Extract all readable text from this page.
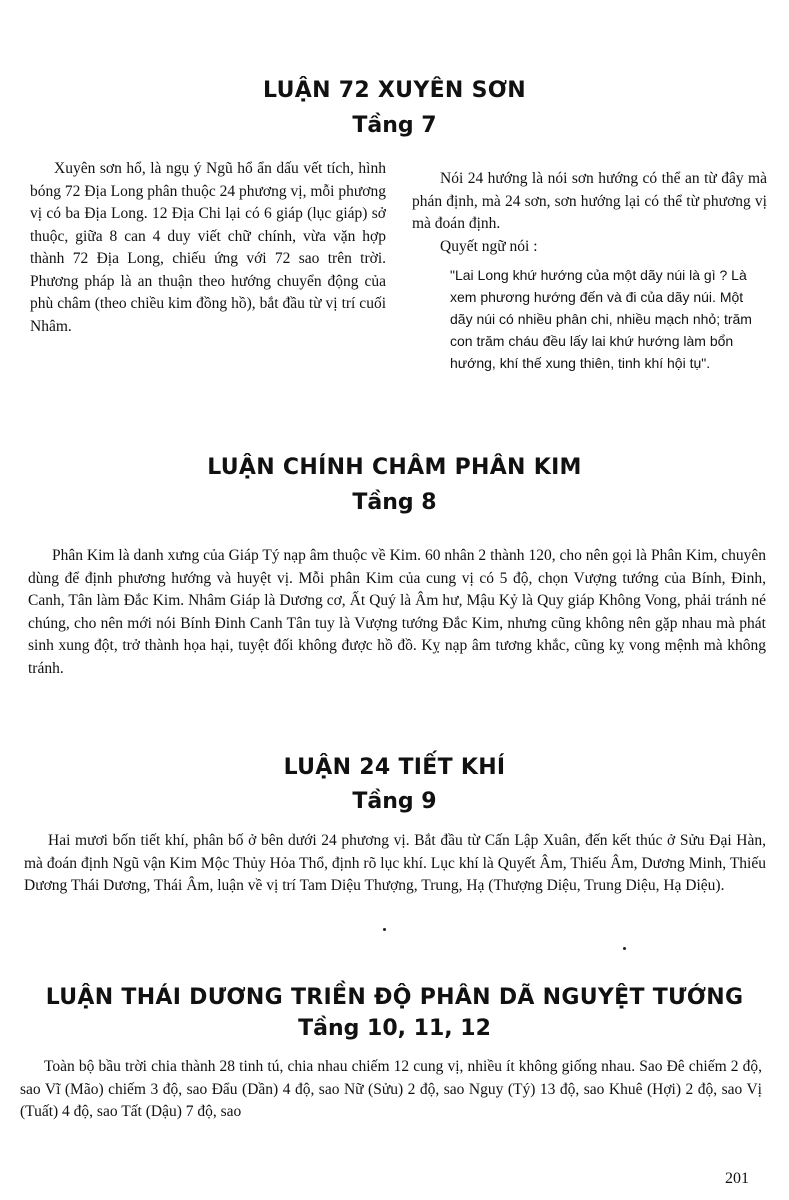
LUẬN 72 XUYÊN SƠN
Tầng 7

Xuyên sơn hổ, là ngụ ý Ngũ hổ ẩn dấu vết tích, hình bóng 72 Địa Long phân thuộc 24 phương vị, mỗi phương vị có ba Địa Long. 12 Địa Chi lại có 6 giáp (lục giáp) sở thuộc, giữa 8 can 4 duy viết chữ chính, vừa vặn hợp thành 72 Địa Long, chiếu ứng với 72 sao trên trời. Phương pháp là an thuận theo hướng chuyển động của phù châm (theo chiều kim đồng hồ), bắt đầu từ vị trí cuối Nhâm.

Nói 24 hướng là nói sơn hướng có thể an từ đây mà phán định, mà 24 sơn, sơn hướng lại có thể từ phương vị mà đoán định.

Quyết ngữ nói :

"Lai Long khứ hướng của một dãy núi là gì ? Là xem phương hướng đến và đi của dãy núi. Một dãy núi có nhiều phân chi, nhiều mạch nhỏ; trăm con trăm cháu đều lấy lai khứ hướng làm bổn hướng, khí thế xung thiên, tinh khí hội tụ".

LUẬN CHÍNH CHÂM PHÂN KIM
Tầng 8

Phân Kim là danh xưng của Giáp Tý nạp âm thuộc về Kim. 60 nhân 2 thành 120, cho nên gọi là Phân Kim, chuyên dùng để định phương hướng và huyệt vị. Mỗi phân Kim của cung vị có 5 độ, chọn Vượng tướng của Bính, Đinh, Canh, Tân làm Đắc Kim. Nhâm Giáp là Dương cơ, Ất Quý là Âm hư, Mậu Kỷ là Quy giáp Không Vong, phải tránh né chúng, cho nên mới nói Bính Đinh Canh Tân tuy là Vượng tướng Đắc Kim, nhưng cũng không nên gặp nhau mà phát sinh xung đột, trở thành họa hại, tuyệt đối không được hồ đồ. Kỵ nạp âm tương khắc, cũng kỵ vong mệnh mà không tránh.

LUẬN 24 TIẾT KHÍ
Tầng 9

Hai mươi bốn tiết khí, phân bố ở bên dưới 24 phương vị. Bắt đầu từ Cấn Lập Xuân, đến kết thúc ở Sửu Đại Hàn, mà đoán định Ngũ vận Kim Mộc Thủy Hỏa Thổ, định rõ lục khí. Lục khí là Quyết Âm, Thiếu Âm, Dương Minh, Thiếu Dương Thái Dương, Thái Âm, luận về vị trí Tam Diệu Thượng, Trung, Hạ (Thượng Diệu, Trung Diệu, Hạ Diệu).

LUẬN THÁI DƯƠNG TRIỀN ĐỘ PHÂN DÃ NGUYỆT TƯỚNG
Tầng 10, 11, 12

Toàn bộ bầu trời chia thành 28 tinh tú, chia nhau chiếm 12 cung vị, nhiều ít không giống nhau. Sao Đê chiếm 2 độ, sao Vĩ (Mão) chiếm 3 độ, sao Đẩu (Dần) 4 độ, sao Nữ (Sửu) 2 độ, sao Nguy (Tý) 13 độ, sao Khuê (Hợi) 2 độ, sao Vị (Tuất) 4 độ, sao Tất (Dậu) 7 độ, sao

201
